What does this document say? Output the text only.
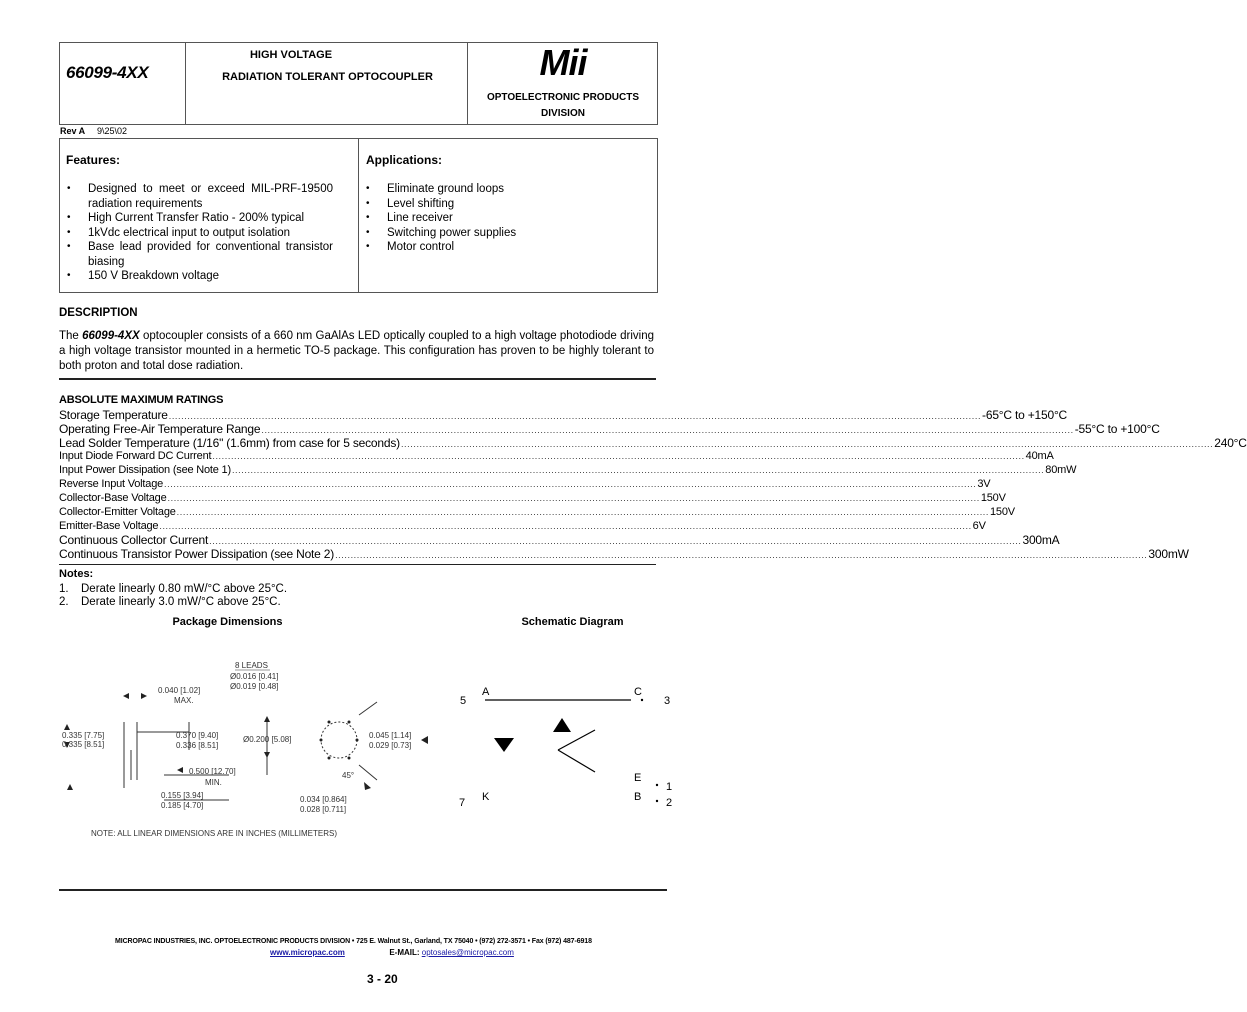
66099-4XX
HIGH VOLTAGE
RADIATION TOLERANT OPTOCOUPLER	Mii
OPTOELECTRONIC PRODUCTS
DIVISION
Rev A 9\25\02
Features:
• Designed to meet or exceed MIL-PRF-19500 radiation requirements
• High Current Transfer Ratio - 200% typical
• 1kVdc electrical input to output isolation
• Base lead provided for conventional transistor biasing
• 150 V Breakdown voltage
Applications:
• Eliminate ground loops
• Level shifting
• Line receiver
• Switching power supplies
• Motor control
DESCRIPTION
The 66099-4XX optocoupler consists of a 660 nm GaAlAs LED optically coupled to a high voltage photodiode driving a high voltage transistor mounted in a hermetic TO-5 package. This configuration has proven to be highly tolerant to both proton and total dose radiation.
ABSOLUTE MAXIMUM RATINGS
Storage Temperature ...................................................................................................................................................................................................................................................................... -65°C to +150°C
Operating Free-Air Temperature Range ...................................................................................................................................................................................................................................................................... -55°C to +100°C
Lead Solder Temperature (1/16" (1.6mm) from case for 5 seconds) ...................................................................................................................................................................................................................................................................... 240°C
Input Diode Forward DC Current ...................................................................................................................................................................................................................................................................... 40mA
Input Power Dissipation (see Note 1) ...................................................................................................................................................................................................................................................................... 80mW
Reverse Input Voltage ...................................................................................................................................................................................................................................................................... 3V
Collector-Base Voltage ...................................................................................................................................................................................................................................................................... 150V
Collector-Emitter Voltage ...................................................................................................................................................................................................................................................................... 150V
Emitter-Base Voltage ...................................................................................................................................................................................................................................................................... 6V
Continuous Collector Current ...................................................................................................................................................................................................................................................................... 300mA
Continuous Transistor Power Dissipation (see Note 2) ...................................................................................................................................................................................................................................................................... 300mW
Notes:
1. Derate linearly 0.80 mW/°C above 25°C.
2. Derate linearly 3.0 mW/°C above 25°C.
Package Dimensions
8 LEADS
Ø0.016 [0.41]
Ø0.019 [0.48]
0.040 [1.02]
MAX.
0.335 [7.75]
0.335 [8.51]
0.370 [9.40]
0.336 [8.51]
Ø0.200 [5.08]	0.045 [1.14]
0.029 [0.73]
0.500 [12.70]
MIN.
45°
0.155 [3.94]
0.185 [4.70]
0.034 [0.864]
0.028 [0.711]
NOTE: ALL LINEAR DIMENSIONS ARE IN INCHES (MILLIMETERS)
Schematic Diagram
5
A	C
3
E
1
B 2
7 K
MICROPAC INDUSTRIES, INC. OPTOELECTRONIC PRODUCTS DIVISION • 725 E. Walnut St., Garland, TX 75040 • (972) 272-3571 • Fax (972) 487-6918
www.micropac.com	E-MAIL: optosales@micropac.com
3 - 20
